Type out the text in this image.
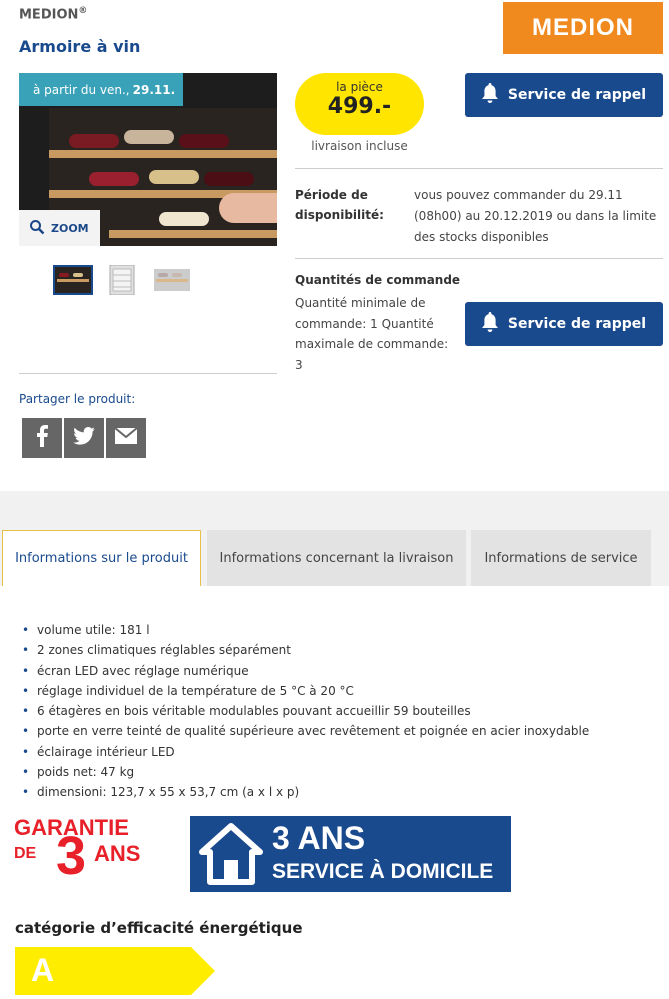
MEDION®
Armoire à vin
MEDION
à partir du ven., 29.11.
ZOOM
Partager le produit:
la pièce
499.-
livraison incluse
Service de rappel
Période de disponibilité:
vous pouvez commander du 29.11 (08h00) au 20.12.2019 ou dans la limite des stocks disponibles
Quantités de commande
Quantité minimale de commande: 1 Quantité maximale de commande: 3
Service de rappel
Informations sur le produit	Informations concernant la livraison	Informations de service
• volume utile: 181 l
• 2 zones climatiques réglables séparément
• écran LED avec réglage numérique
• réglage individuel de la température de 5 °C à 20 °C
• 6 étagères en bois véritable modulables pouvant accueillir 59 bouteilles
• porte en verre teinté de qualité supérieure avec revêtement et poignée en acier inoxydable
• éclairage intérieur LED
• poids net: 47 kg
• dimensioni: 123,7 x 55 x 53,7 cm (a x l x p)
GARANTIE
DE 3 ANS	3 ANS
SERVICE À DOMICILE
catégorie d’efficacité énergétique
A
